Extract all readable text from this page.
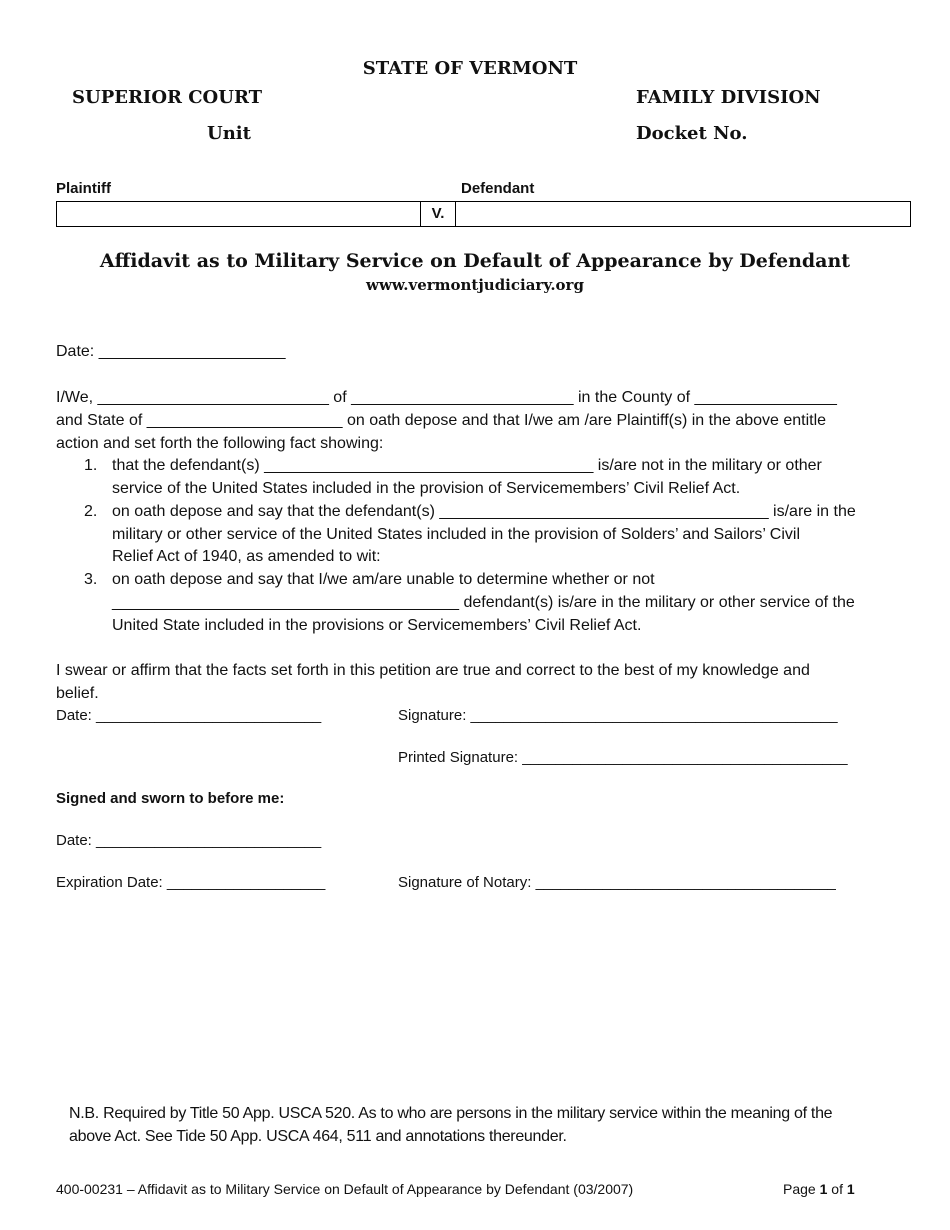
STATE OF VERMONT
SUPERIOR COURT	FAMILY DIVISION
Unit	Docket No.
Plaintiff	Defendant
V.
Affidavit as to Military Service on Default of Appearance by Defendant
www.vermontjudiciary.org
Date: _____________________
I/We, __________________________ of _________________________ in the County of ________________
and State of ______________________ on oath depose and that I/we am /are Plaintiff(s) in the above entitle
action and set forth the following fact showing:
1. that the defendant(s) _____________________________________ is/are not in the military or other
service of the United States included in the provision of Servicemembers’ Civil Relief Act.
2. on oath depose and say that the defendant(s) _____________________________________ is/are in the
military or other service of the United States included in the provision of Solders’ and Sailors’ Civil
Relief Act of 1940, as amended to wit:
3. on oath depose and say that I/we am/are unable to determine whether or not
_______________________________________ defendant(s) is/are in the military or other service of the
United State included in the provisions or Servicemembers’ Civil Relief Act.
I swear or affirm that the facts set forth in this petition are true and correct to the best of my knowledge and
belief.
Date: ___________________________	Signature: ____________________________________________
Printed Signature: _______________________________________
Signed and sworn to before me:
Date: ___________________________
Expiration Date: ___________________	Signature of Notary: ____________________________________
N.B. Required by Title 50 App. USCA 520. As to who are persons in the military service within the meaning of the above Act. See Tide 50 App. USCA 464, 511 and annotations thereunder.
400-00231 – Affidavit as to Military Service on Default of Appearance by Defendant (03/2007)	Page 1 of 1
